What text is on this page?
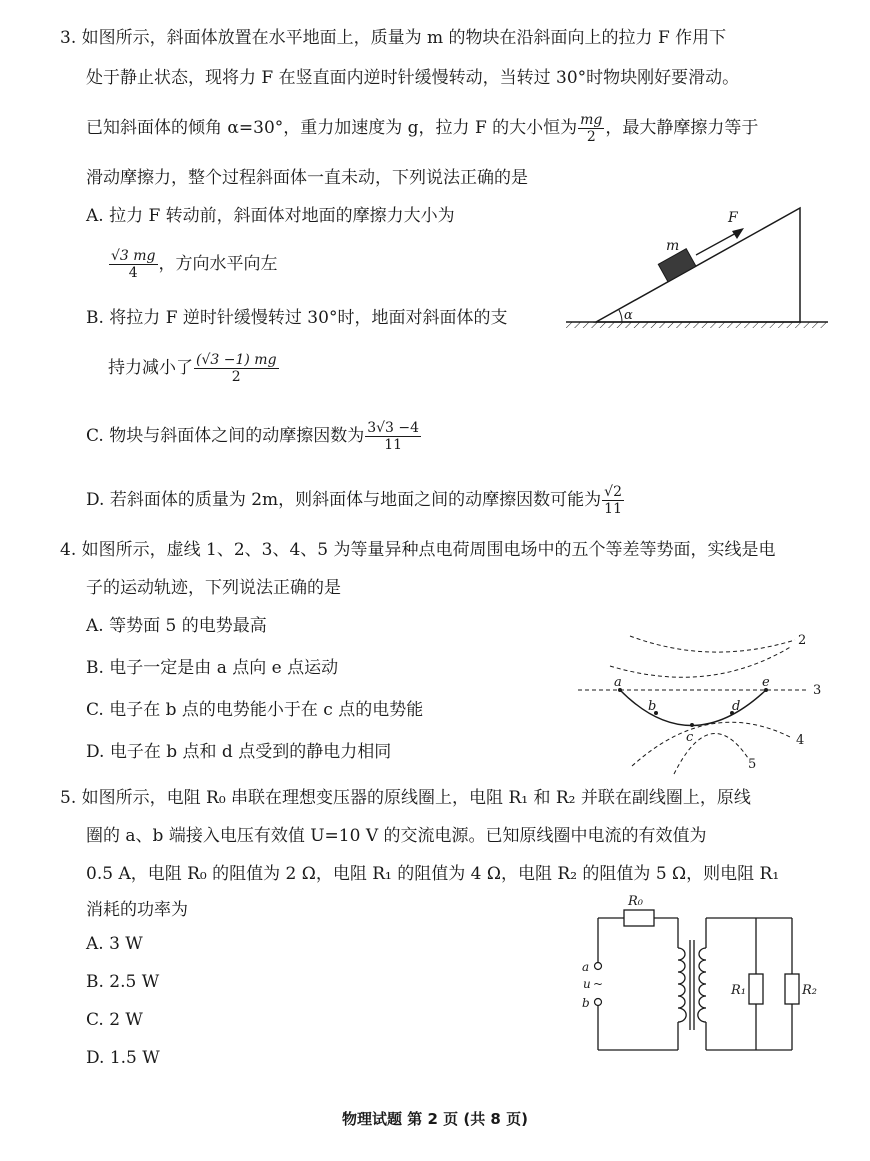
3. 如图所示，斜面体放置在水平地面上，质量为 m 的物块在沿斜面向上的拉力 F 作用下
处于静止状态，现将力 F 在竖直面内逆时针缓慢转动，当转过 30°时物块刚好要滑动。
已知斜面体的倾角 α=30°，重力加速度为 g，拉力 F 的大小恒为 $\frac{mg}{2}$ ，最大静摩擦力等于
滑动摩擦力，整个过程斜面体一直未动，下列说法正确的是
A. 拉力 F 转动前，斜面体对地面的摩擦力大小为
$\frac{√3 mg}{4}$ ，方向水平向左
B. 将拉力 F 逆时针缓慢转过 30°时，地面对斜面体的支
持力减小了 $\frac{(√3 -1) mg}{2}$
C. 物块与斜面体之间的动摩擦因数为 $\frac{3√3 -4}{11}$
D. 若斜面体的质量为 2m，则斜面体与地面之间的动摩擦因数可能为 $\frac{√2}{11}$
α
m
F
4. 如图所示，虚线 1、2、3、4、5 为等量异种点电荷周围电场中的五个等差等势面，实线是电
子的运动轨迹，下列说法正确的是
A. 等势面 5 的电势最高
B. 电子一定是由 a 点向 e 点运动
C. 电子在 b 点的电势能小于在 c 点的电势能
D. 电子在 b 点和 d 点受到的静电力相同
2
3
4
5
a
b
c
d
e
5. 如图所示，电阻 R₀ 串联在理想变压器的原线圈上，电阻 R₁ 和 R₂ 并联在副线圈上，原线
圈的 a、b 端接入电压有效值 U=10 V 的交流电源。已知原线圈中电流的有效值为
0.5 A，电阻 R₀ 的阻值为 2 Ω，电阻 R₁ 的阻值为 4 Ω，电阻 R₂ 的阻值为 5 Ω，则电阻 R₁
消耗的功率为
A. 3 W
B. 2.5 W
C. 2 W
D. 1.5 W
R₀
a
u ~
b
R₁	R₂
物理试题 第 2 页 (共 8 页)
